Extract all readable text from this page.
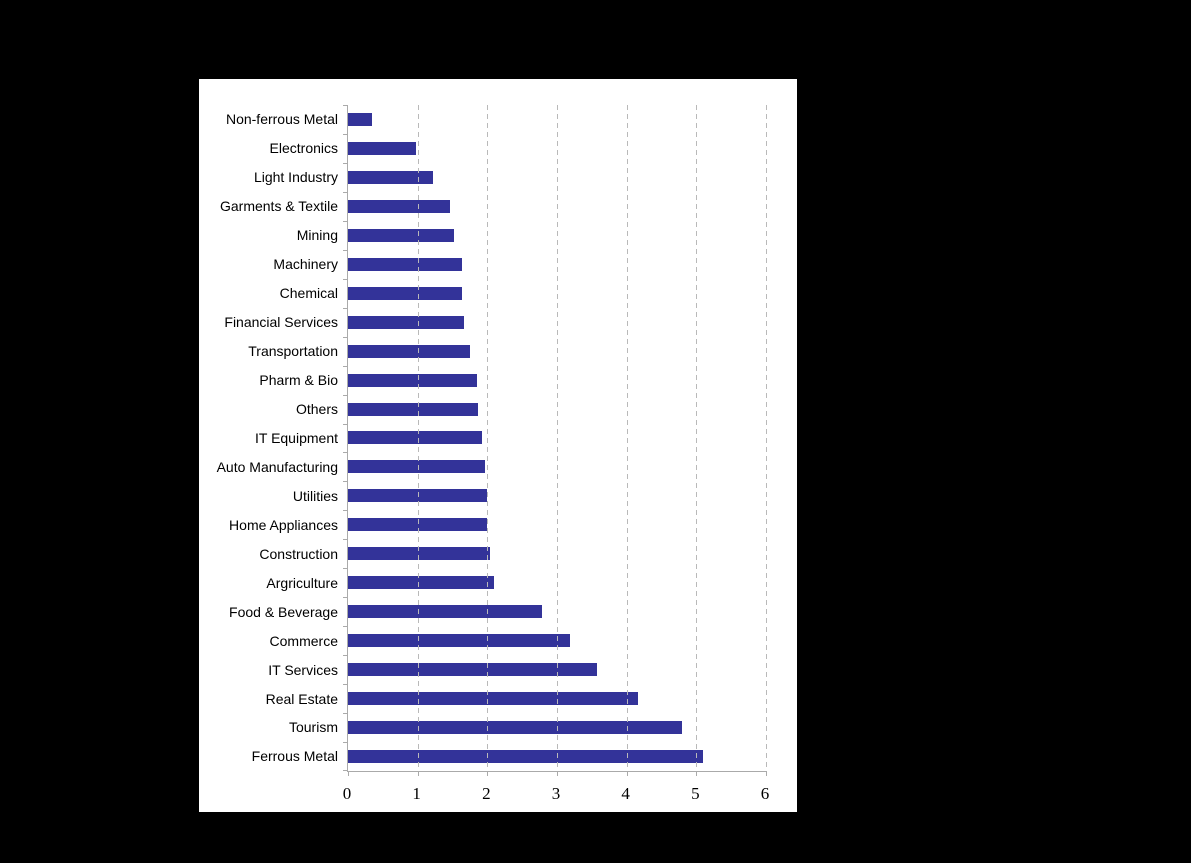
Non-ferrous Metal
Electronics
Light Industry
Garments & Textile
Mining
Machinery
Chemical
Financial Services
Transportation
Pharm & Bio
Others
IT Equipment
Auto Manufacturing
Utilities
Home Appliances
Construction
Argriculture
Food & Beverage
Commerce
IT Services
Real Estate
Tourism
Ferrous Metal
0	1	2	3	4	5	6
